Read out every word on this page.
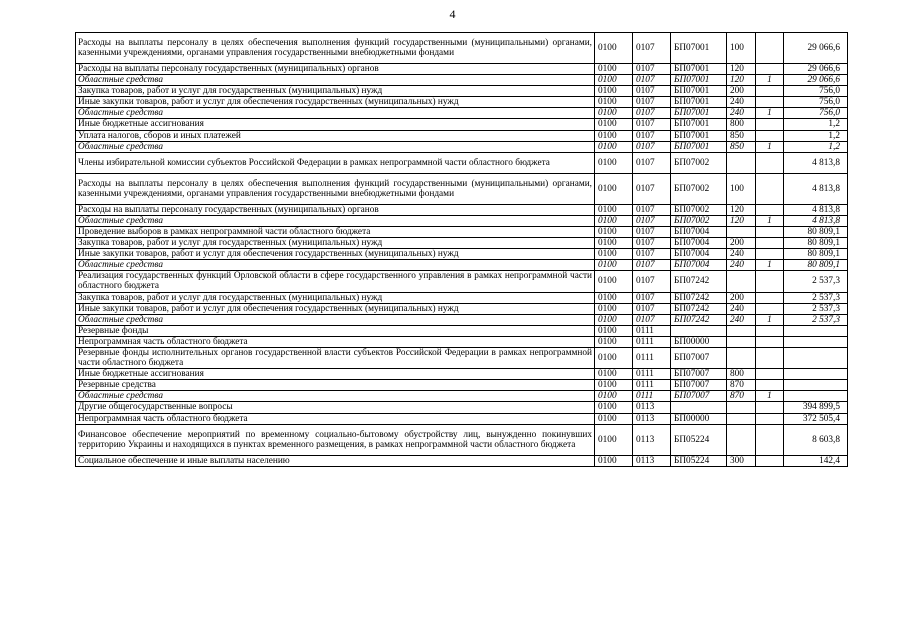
4
Расходы на выплаты персоналу в целях обеспечения выполнения функций государственными (муниципальными) органами, казенными учреждениями, органами управления государственными внебюджетными фондами	0100	0107	БП07001	100		29 066,6
Расходы на выплаты персоналу государственных (муниципальных) органов	0100	0107	БП07001	120		29 066,6
Областные средства	0100	0107	БП07001	120	1	29 066,6
Закупка товаров, работ и услуг для государственных (муниципальных) нужд	0100	0107	БП07001	200		756,0
Иные закупки товаров, работ и услуг для обеспечения государственных (муниципальных) нужд	0100	0107	БП07001	240		756,0
Областные средства	0100	0107	БП07001	240	1	756,0
Иные бюджетные ассигнования	0100	0107	БП07001	800		1,2
Уплата налогов, сборов и иных платежей	0100	0107	БП07001	850		1,2
Областные средства	0100	0107	БП07001	850	1	1,2
Члены избирательной комиссии субъектов Российской Федерации в рамках непрограммной части областного бюджета	0100	0107	БП07002			4 813,8
Расходы на выплаты персоналу в целях обеспечения выполнения функций государственными (муниципальными) органами, казенными учреждениями, органами управления государственными внебюджетными фондами	0100	0107	БП07002	100		4 813,8
Расходы на выплаты персоналу государственных (муниципальных) органов	0100	0107	БП07002	120		4 813,8
Областные средства	0100	0107	БП07002	120	1	4 813,8
Проведение выборов в рамках непрограммной части областного бюджета	0100	0107	БП07004			80 809,1
Закупка товаров, работ и услуг для государственных (муниципальных) нужд	0100	0107	БП07004	200		80 809,1
Иные закупки товаров, работ и услуг для обеспечения государственных (муниципальных) нужд	0100	0107	БП07004	240		80 809,1
Областные средства	0100	0107	БП07004	240	1	80 809,1
Реализация государственных функций Орловской области в сфере государственного управления в рамках непрограммной части областного бюджета	0100	0107	БП07242			2 537,3
Закупка товаров, работ и услуг для государственных (муниципальных) нужд	0100	0107	БП07242	200		2 537,3
Иные закупки товаров, работ и услуг для обеспечения государственных (муниципальных) нужд	0100	0107	БП07242	240		2 537,3
Областные средства	0100	0107	БП07242	240	1	2 537,3
Резервные фонды	0100	0111				
Непрограммная часть областного бюджета	0100	0111	БП00000			
Резервные фонды исполнительных органов государственной власти субъектов Российской Федерации в рамках непрограммной части областного бюджета	0100	0111	БП07007			
Иные бюджетные ассигнования	0100	0111	БП07007	800		
Резервные средства	0100	0111	БП07007	870		
Областные средства	0100	0111	БП07007	870	1	
Другие общегосударственные вопросы	0100	0113				394 899,5
Непрограммная часть областного бюджета	0100	0113	БП00000			372 505,4
Финансовое обеспечение мероприятий по временному социально-бытовому обустройству лиц, вынужденно покинувших территорию Украины и находящихся в пунктах временного размещения, в рамках непрограммной части областного бюджета	0100	0113	БП05224			8 603,8
Социальное обеспечение и иные выплаты населению	0100	0113	БП05224	300		142,4
